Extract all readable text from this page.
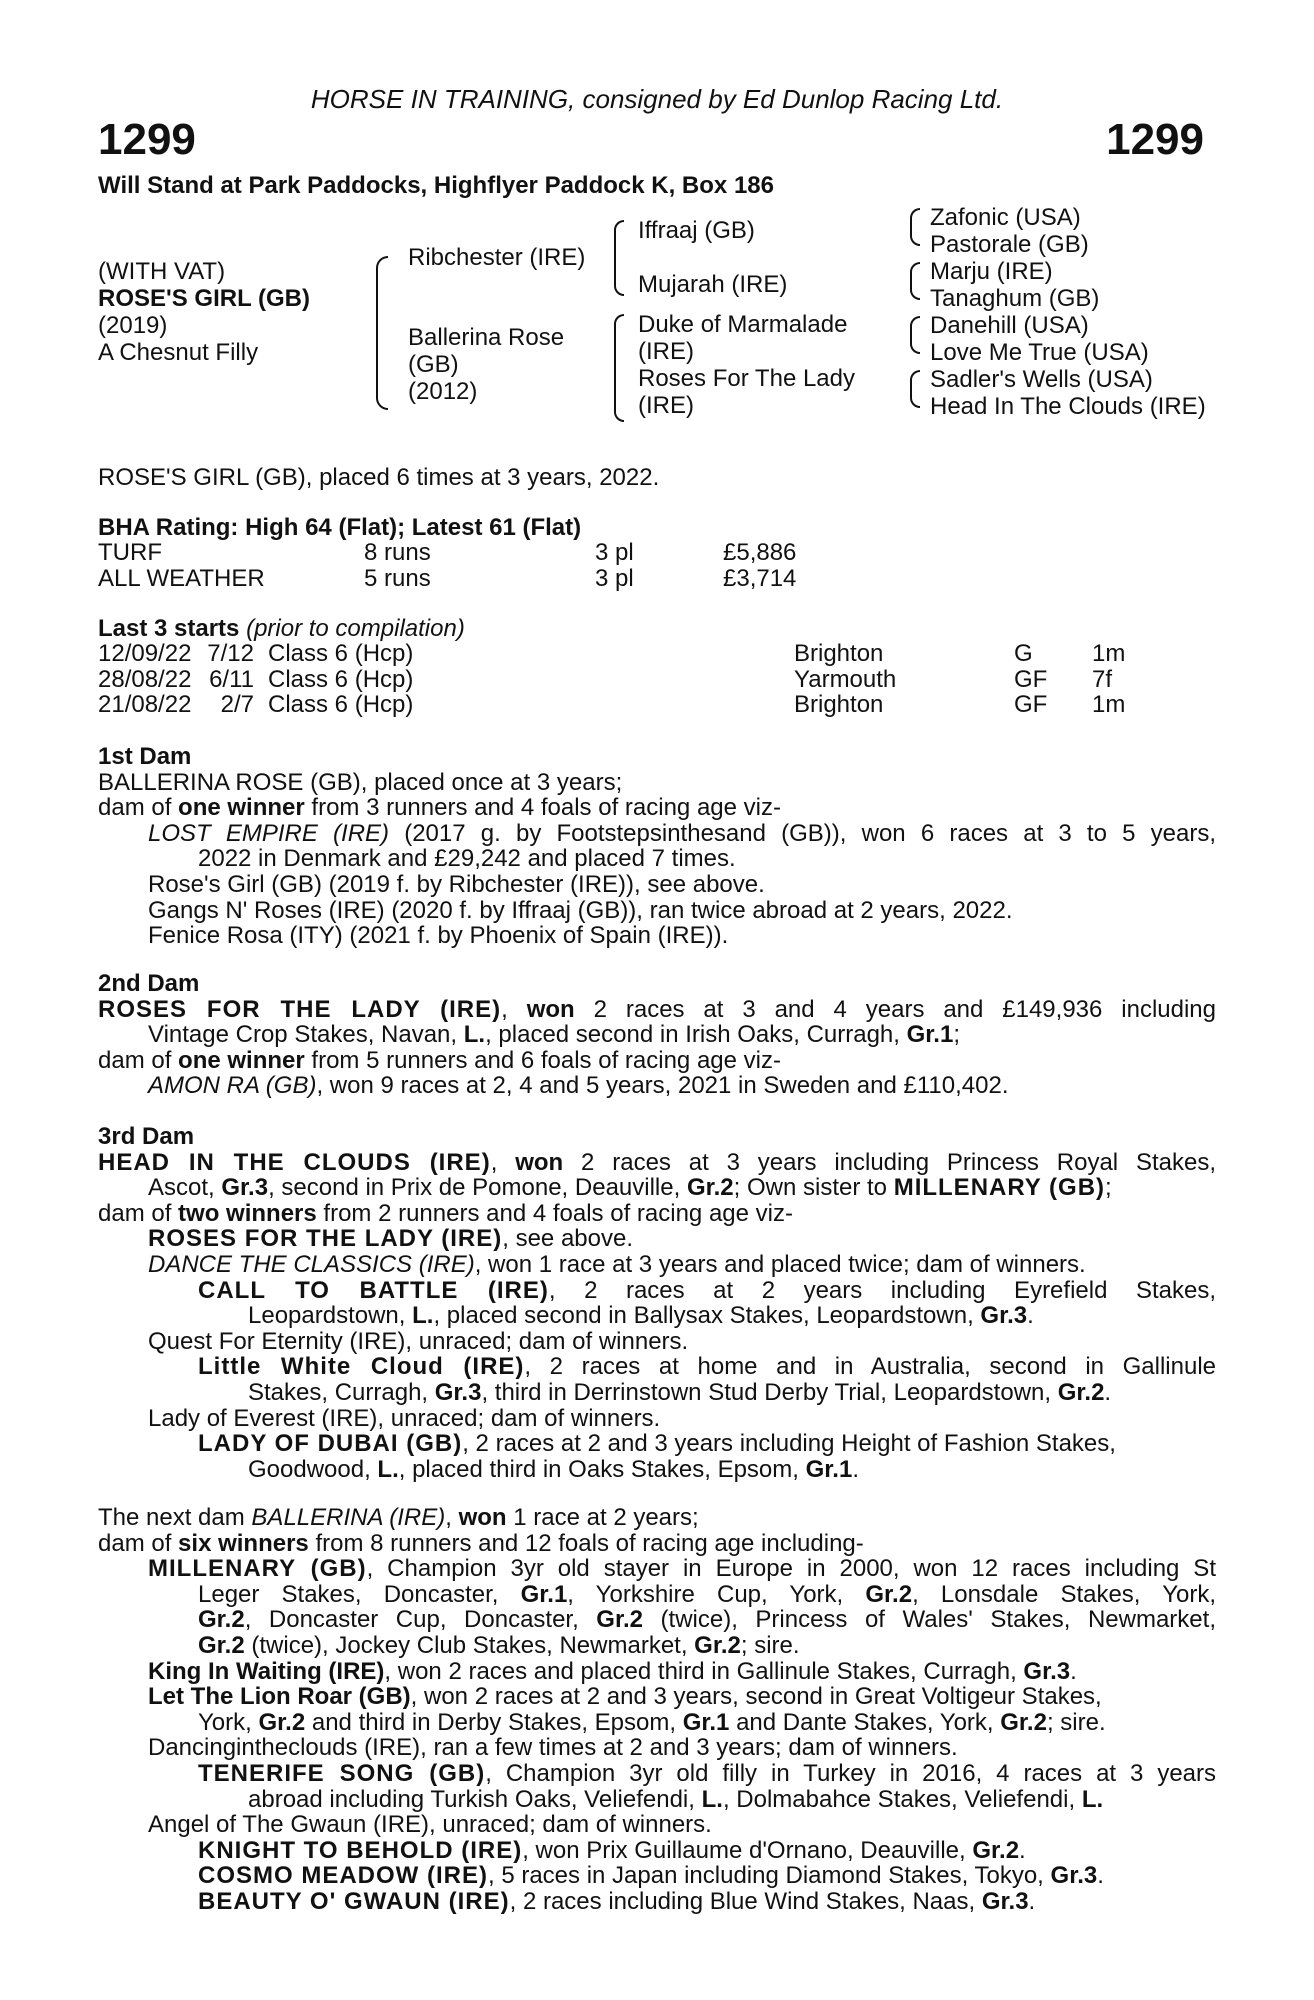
HORSE IN TRAINING, consigned by Ed Dunlop Racing Ltd.
1299	1299
Will Stand at Park Paddocks, Highflyer Paddock K, Box 186
(WITH VAT)
ROSE'S GIRL (GB)
(2019)
A Chesnut Filly
Ribchester (IRE)
Ballerina Rose
(GB)
(2012)
Iffraaj (GB)
Mujarah (IRE)
Duke of Marmalade
(IRE)
Roses For The Lady
(IRE)
Zafonic (USA)
Pastorale (GB)
Marju (IRE)
Tanaghum (GB)
Danehill (USA)
Love Me True (USA)
Sadler's Wells (USA)
Head In The Clouds (IRE)
ROSE'S GIRL (GB), placed 6 times at 3 years, 2022.
BHA Rating: High 64 (Flat); Latest 61 (Flat)
TURF	8 runs	3 pl	£5,886
ALL WEATHER	5 runs	3 pl	£3,714
Last 3 starts (prior to compilation)
12/09/22	7/12	Class 6 (Hcp)	Brighton	G	1m
28/08/22	6/11	Class 6 (Hcp)	Yarmouth	GF	7f
21/08/22	2/7	Class 6 (Hcp)	Brighton	GF	1m
1st Dam
BALLERINA ROSE (GB), placed once at 3 years;
dam of one winner from 3 runners and 4 foals of racing age viz-
LOST EMPIRE (IRE) (2017 g. by Footstepsinthesand (GB)), won 6 races at 3 to 5 years,
2022 in Denmark and £29,242 and placed 7 times.
Rose's Girl (GB) (2019 f. by Ribchester (IRE)), see above.
Gangs N' Roses (IRE) (2020 f. by Iffraaj (GB)), ran twice abroad at 2 years, 2022.
Fenice Rosa (ITY) (2021 f. by Phoenix of Spain (IRE)).
2nd Dam
ROSES FOR THE LADY (IRE), won 2 races at 3 and 4 years and £149,936 including
Vintage Crop Stakes, Navan, L., placed second in Irish Oaks, Curragh, Gr.1;
dam of one winner from 5 runners and 6 foals of racing age viz-
AMON RA (GB), won 9 races at 2, 4 and 5 years, 2021 in Sweden and £110,402.
3rd Dam
HEAD IN THE CLOUDS (IRE), won 2 races at 3 years including Princess Royal Stakes,
Ascot, Gr.3, second in Prix de Pomone, Deauville, Gr.2; Own sister to MILLENARY (GB);
dam of two winners from 2 runners and 4 foals of racing age viz-
ROSES FOR THE LADY (IRE), see above.
DANCE THE CLASSICS (IRE), won 1 race at 3 years and placed twice; dam of winners.
CALL TO BATTLE (IRE), 2 races at 2 years including Eyrefield Stakes,
Leopardstown, L., placed second in Ballysax Stakes, Leopardstown, Gr.3.
Quest For Eternity (IRE), unraced; dam of winners.
Little White Cloud (IRE), 2 races at home and in Australia, second in Gallinule
Stakes, Curragh, Gr.3, third in Derrinstown Stud Derby Trial, Leopardstown, Gr.2.
Lady of Everest (IRE), unraced; dam of winners.
LADY OF DUBAI (GB), 2 races at 2 and 3 years including Height of Fashion Stakes,
Goodwood, L., placed third in Oaks Stakes, Epsom, Gr.1.
The next dam BALLERINA (IRE), won 1 race at 2 years;
dam of six winners from 8 runners and 12 foals of racing age including-
MILLENARY (GB), Champion 3yr old stayer in Europe in 2000, won 12 races including St
Leger Stakes, Doncaster, Gr.1, Yorkshire Cup, York, Gr.2, Lonsdale Stakes, York,
Gr.2, Doncaster Cup, Doncaster, Gr.2 (twice), Princess of Wales' Stakes, Newmarket,
Gr.2 (twice), Jockey Club Stakes, Newmarket, Gr.2; sire.
King In Waiting (IRE), won 2 races and placed third in Gallinule Stakes, Curragh, Gr.3.
Let The Lion Roar (GB), won 2 races at 2 and 3 years, second in Great Voltigeur Stakes,
York, Gr.2 and third in Derby Stakes, Epsom, Gr.1 and Dante Stakes, York, Gr.2; sire.
Dancingintheclouds (IRE), ran a few times at 2 and 3 years; dam of winners.
TENERIFE SONG (GB), Champion 3yr old filly in Turkey in 2016, 4 races at 3 years
abroad including Turkish Oaks, Veliefendi, L., Dolmabahce Stakes, Veliefendi, L.
Angel of The Gwaun (IRE), unraced; dam of winners.
KNIGHT TO BEHOLD (IRE), won Prix Guillaume d'Ornano, Deauville, Gr.2.
COSMO MEADOW (IRE), 5 races in Japan including Diamond Stakes, Tokyo, Gr.3.
BEAUTY O' GWAUN (IRE), 2 races including Blue Wind Stakes, Naas, Gr.3.
